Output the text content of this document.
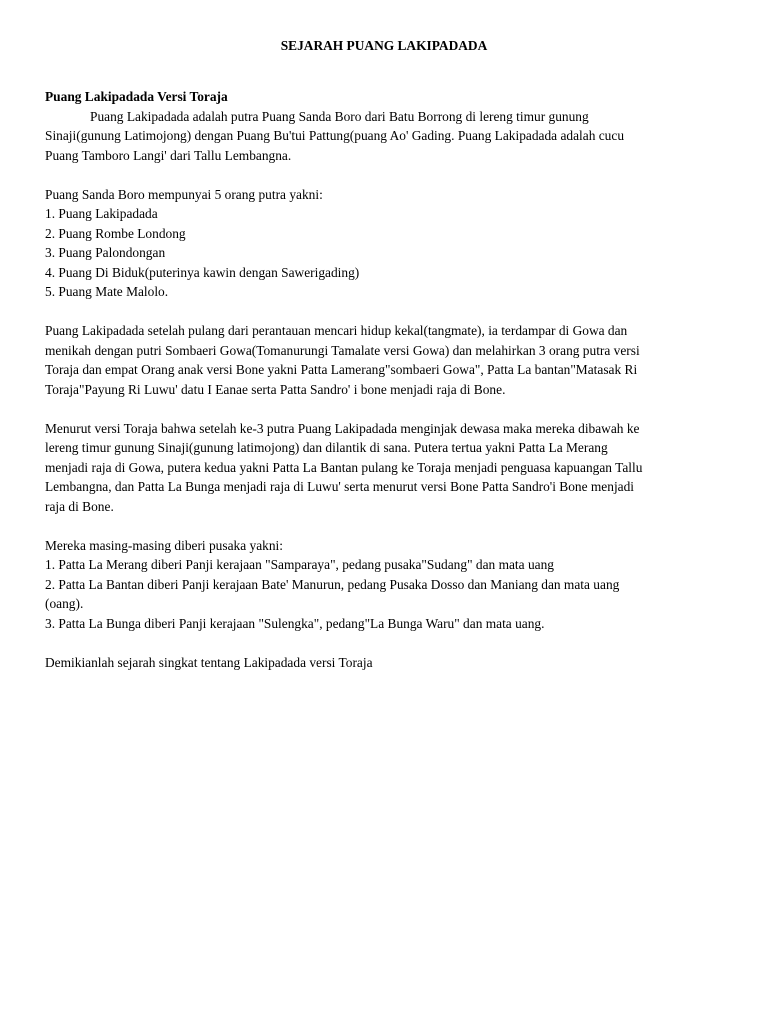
SEJARAH PUANG LAKIPADADA
Puang Lakipadada Versi Toraja
Puang Lakipadada adalah putra Puang Sanda Boro dari Batu Borrong di lereng timur gunung
Sinaji(gunung Latimojong) dengan Puang Bu'tui Pattung(puang Ao' Gading. Puang Lakipadada adalah cucu
Puang Tamboro Langi' dari Tallu Lembangna.
Puang Sanda Boro mempunyai 5 orang putra yakni:
1. Puang Lakipadada
2. Puang Rombe Londong
3. Puang Palondongan
4. Puang Di Biduk(puterinya kawin dengan Sawerigading)
5. Puang Mate Malolo.
Puang Lakipadada setelah pulang dari perantauan mencari hidup kekal(tangmate), ia terdampar di Gowa dan
menikah dengan putri Sombaeri Gowa(Tomanurungi Tamalate versi Gowa) dan melahirkan 3 orang putra versi
Toraja dan empat Orang anak versi Bone yakni Patta Lamerang"sombaeri Gowa", Patta La bantan"Matasak Ri
Toraja"Payung Ri Luwu' datu I Eanae serta Patta Sandro' i bone menjadi raja di Bone.
Menurut versi Toraja bahwa setelah ke-3 putra Puang Lakipadada menginjak dewasa maka mereka dibawah ke
lereng timur gunung Sinaji(gunung latimojong) dan dilantik di sana. Putera tertua yakni Patta La Merang
menjadi raja di Gowa, putera kedua yakni Patta La Bantan pulang ke Toraja menjadi penguasa kapuangan Tallu
Lembangna, dan Patta La Bunga menjadi raja di Luwu' serta menurut versi Bone Patta Sandro'i Bone menjadi
raja di Bone.
Mereka masing-masing diberi pusaka yakni:
1. Patta La Merang diberi Panji kerajaan "Samparaya", pedang pusaka"Sudang" dan mata uang
2. Patta La Bantan diberi Panji kerajaan Bate' Manurun, pedang Pusaka Dosso dan Maniang dan mata uang
(oang).
3. Patta La Bunga diberi Panji kerajaan "Sulengka", pedang"La Bunga Waru" dan mata uang.
Demikianlah sejarah singkat tentang Lakipadada versi Toraja
